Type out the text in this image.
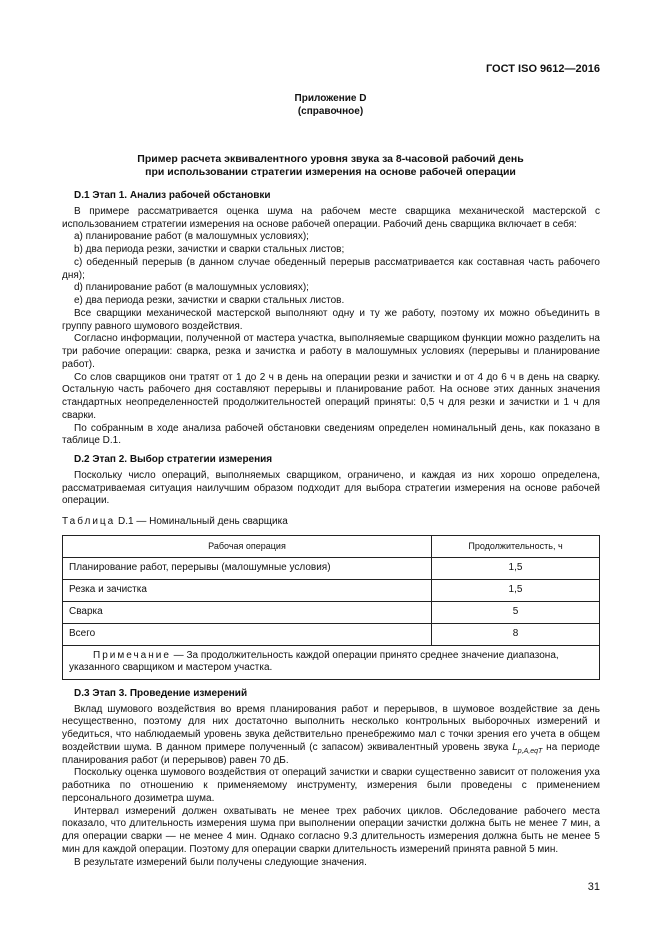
ГОСТ ISO 9612—2016
Приложение D
(справочное)
Пример расчета эквивалентного уровня звука за 8-часовой рабочий день
при использовании стратегии измерения на основе рабочей операции
D.1 Этап 1. Анализ рабочей обстановки

В примере рассматривается оценка шума на рабочем месте сварщика механической мастерской с использованием стратегии измерения на основе рабочей операции. Рабочий день сварщика включает в себя:

a) планирование работ (в малошумных условиях);

b) два периода резки, зачистки и сварки стальных листов;

c) обеденный перерыв (в данном случае обеденный перерыв рассматривается как составная часть рабочего дня);

d) планирование работ (в малошумных условиях);

e) два периода резки, зачистки и сварки стальных листов.

Все сварщики механической мастерской выполняют одну и ту же работу, поэтому их можно объединить в группу равного шумового воздействия.

Согласно информации, полученной от мастера участка, выполняемые сварщиком функции можно разделить на три рабочие операции: сварка, резка и зачистка и работу в малошумных условиях (перерывы и планирование работ).

Со слов сварщиков они тратят от 1 до 2 ч в день на операции резки и зачистки и от 4 до 6 ч в день на сварку. Остальную часть рабочего дня составляют перерывы и планирование работ. На основе этих данных значения стандартных неопределенностей продолжительностей операций приняты: 0,5 ч для резки и зачистки и 1 ч для сварки.

По собранным в ходе анализа рабочей обстановки сведениям определен номинальный день, как показано в таблице D.1.

D.2 Этап 2. Выбор стратегии измерения

Поскольку число операций, выполняемых сварщиком, ограничено, и каждая из них хорошо определена, рассматриваемая ситуация наилучшим образом подходит для выбора стратегии измерения на основе рабочей операции.

Таблица D.1 — Номинальный день сварщика
Рабочая операция	Продолжительность, ч
Планирование работ, перерывы (малошумные условия)	1,5
Резка и зачистка	1,5
Сварка	5
Всего	8
Примечание — За продолжительность каждой операции принято среднее значение диапазона, указанного сварщиком и мастером участка.	
D.3 Этап 3. Проведение измерений

Вклад шумового воздействия во время планирования работ и перерывов, в шумовое воздействие за день несущественно, поэтому для них достаточно выполнить несколько контрольных выборочных измерений и убедиться, что наблюдаемый уровень звука действительно пренебрежимо мал с точки зрения его учета в общем воздействии шума. В данном примере полученный (с запасом) эквивалентный уровень звука $L_{p,A,eqT}$ на периоде планирования работ (и перерывов) равен 70 дБ.

Поскольку оценка шумового воздействия от операций зачистки и сварки существенно зависит от положения уха работника по отношению к применяемому инструменту, измерения были проведены с применением персонального дозиметра шума.

Интервал измерений должен охватывать не менее трех рабочих циклов. Обследование рабочего места показало, что длительность измерения шума при выполнении операции зачистки должна быть не менее 7 мин, а для операции сварки — не менее 4 мин. Однако согласно 9.3 длительность измерения должна быть не менее 5 мин для каждой операции. Поэтому для операции сварки длительность измерений принята равной 5 мин.

В результате измерений были получены следующие значения.

31
